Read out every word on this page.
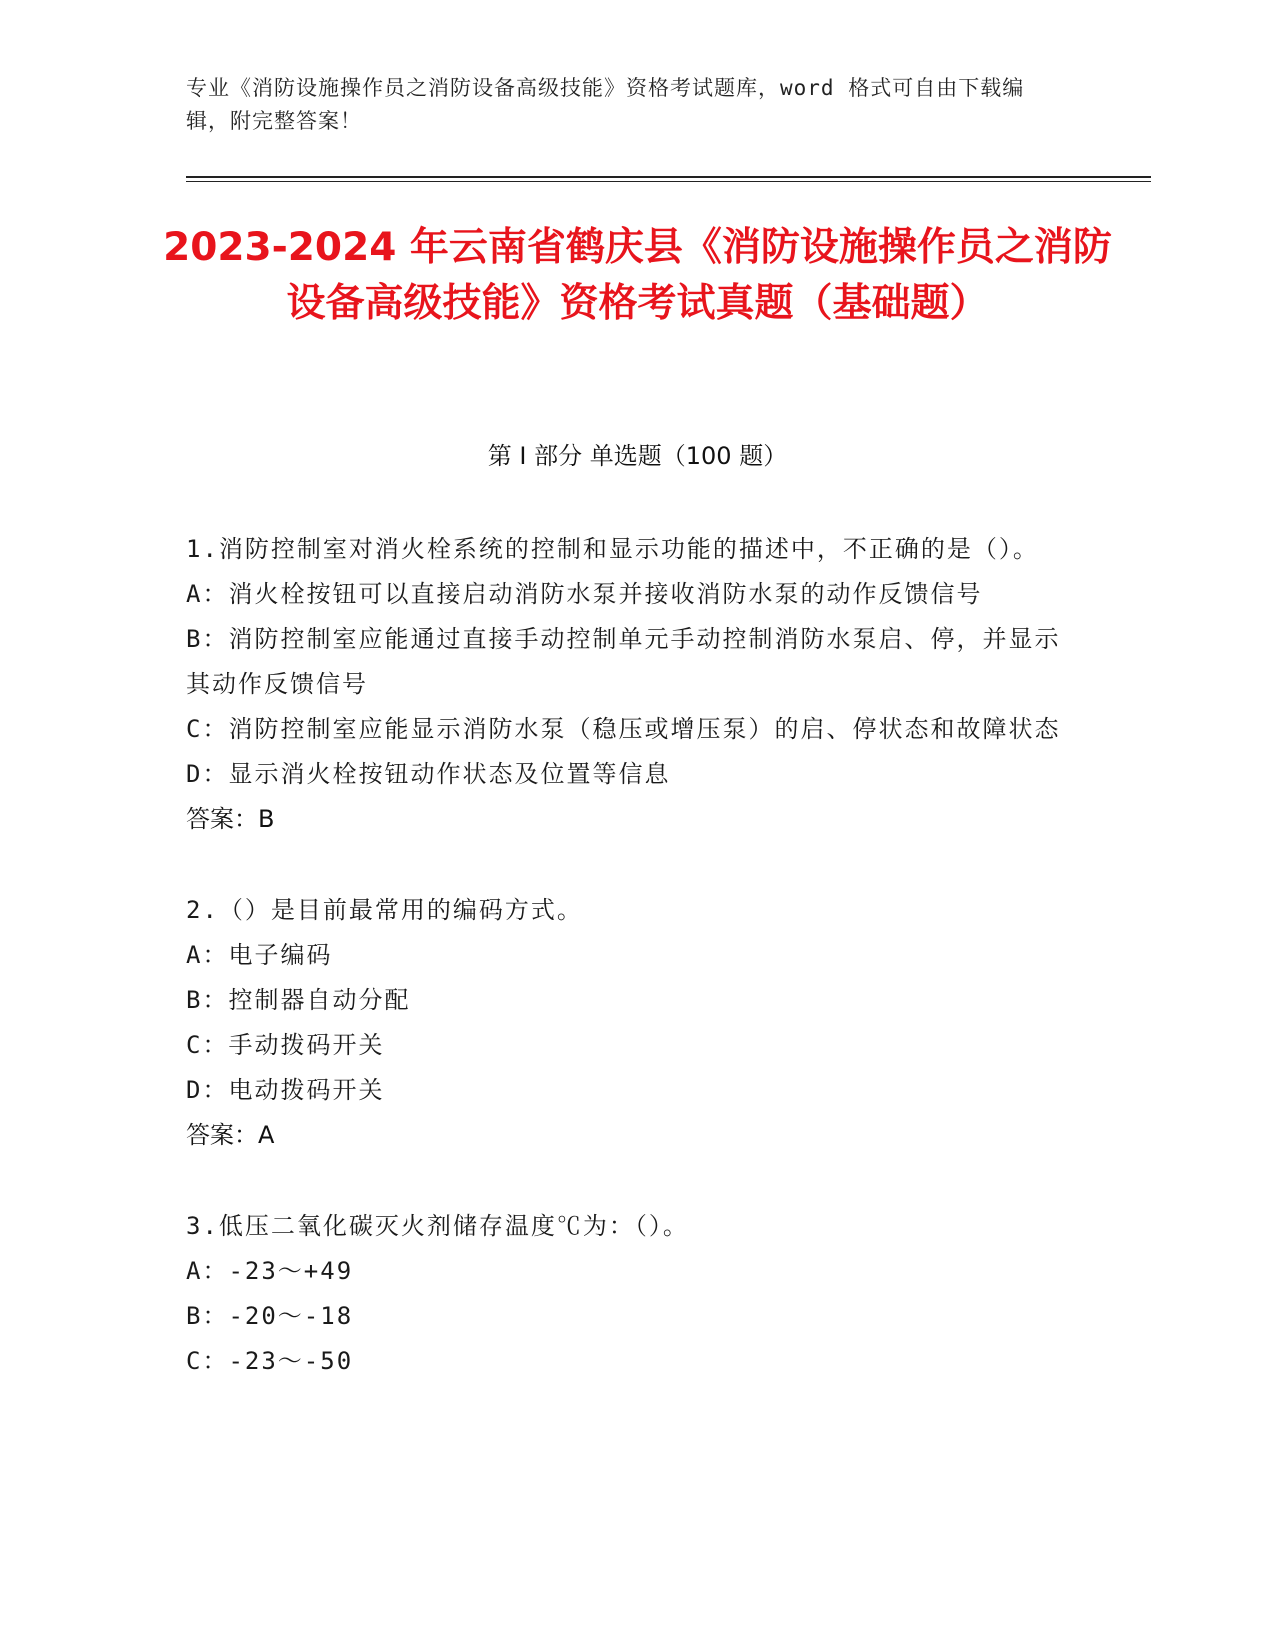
专业《消防设施操作员之消防设备高级技能》资格考试题库，word 格式可自由下载编辑，附完整答案！
2023-2024 年云南省鹤庆县《消防设施操作员之消防设备高级技能》资格考试真题（基础题）
第 I 部分 单选题（100 题）
1.消防控制室对消火栓系统的控制和显示功能的描述中，不正确的是（）。
A：消火栓按钮可以直接启动消防水泵并接收消防水泵的动作反馈信号
B：消防控制室应能通过直接手动控制单元手动控制消防水泵启、停，并显示其动作反馈信号
C：消防控制室应能显示消防水泵（稳压或增压泵）的启、停状态和故障状态
D：显示消火栓按钮动作状态及位置等信息
答案：B
2.（）是目前最常用的编码方式。
A：电子编码
B：控制器自动分配
C：手动拨码开关
D：电动拨码开关
答案：A
3.低压二氧化碳灭火剂储存温度℃为：（）。
A：-23～+49
B：-20～-18
C：-23～-50
